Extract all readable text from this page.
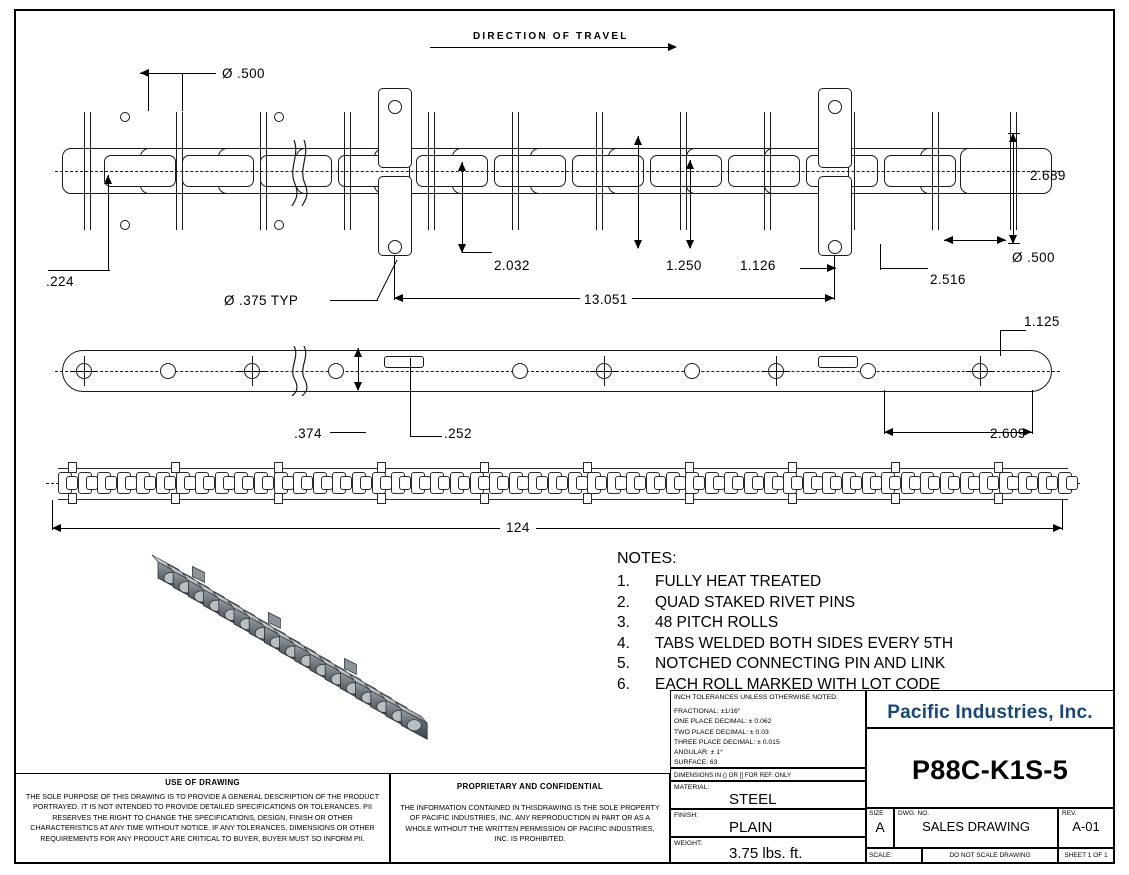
DIRECTION OF TRAVEL
Ø .500
2.689
Ø .500
.224
Ø .375 TYP
2.032	1.250	1.126
13.051
2.516
1.125
.374	.252	2.609
124
NOTES:
1.	FULLY HEAT TREATED
2.	QUAD STAKED RIVET PINS
3.	48 PITCH ROLLS
4.	TABS WELDED BOTH SIDES EVERY 5TH
5.	NOTCHED CONNECTING PIN AND LINK
6.	EACH ROLL MARKED WITH LOT CODE
USE OF DRAWING
THE SOLE PURPOSE OF THIS DRAWING IS TO PROVIDE A GENERAL DESCRIPTION OF THE PRODUCT PORTRAYED. IT IS NOT INTENDED TO PROVIDE DETAILED SPECIFICATIONS OR TOLERANCES. PII RESERVES THE RIGHT TO CHANGE THE SPECIFICATIONS, DESIGN, FINISH OR OTHER CHARACTERISTICS AT ANY TIME WITHOUT NOTICE. IF ANY TOLERANCES, DIMENSIONS OR OTHER REQUIREMENTS FOR ANY PRODUCT ARE CRITICAL TO BUYER, BUYER MUST SO INFORM PII.
PROPRIETARY AND CONFIDENTIAL
THE INFORMATION CONTAINED IN THISDRAWING IS THE SOLE PROPERTY OF PACIFIC INDUSTRIES, INC. ANY REPRODUCTION IN PART OR AS A WHOLE WITHOUT THE WRITTEN PERMISSION OF PACIFIC INDUSTRIES, INC. IS PROHIBITED.
INCH TOLERANCES UNLESS OTHERWISE NOTED:
FRACTIONAL: ±1/16"
ONE PLACE DECIMAL: ± 0.062
TWO PLACE DECIMAL: ± 0.03
THREE PLACE DECIMAL: ± 0.015
ANGULAR: ± 1°
SURFACE: 63
DIMENSIONS IN () OR [] FOR REF. ONLY
MATERIAL:
STEEL
FINISH:
PLAIN
WEIGHT:
3.75 lbs. ft.
Pacific Industries, Inc.
P88C-K1S-5
SIZE
A
DWG. NO.
SALES DRAWING
REV.
A-01
SCALE:	DO NOT SCALE DRAWING	SHEET 1 OF 1
